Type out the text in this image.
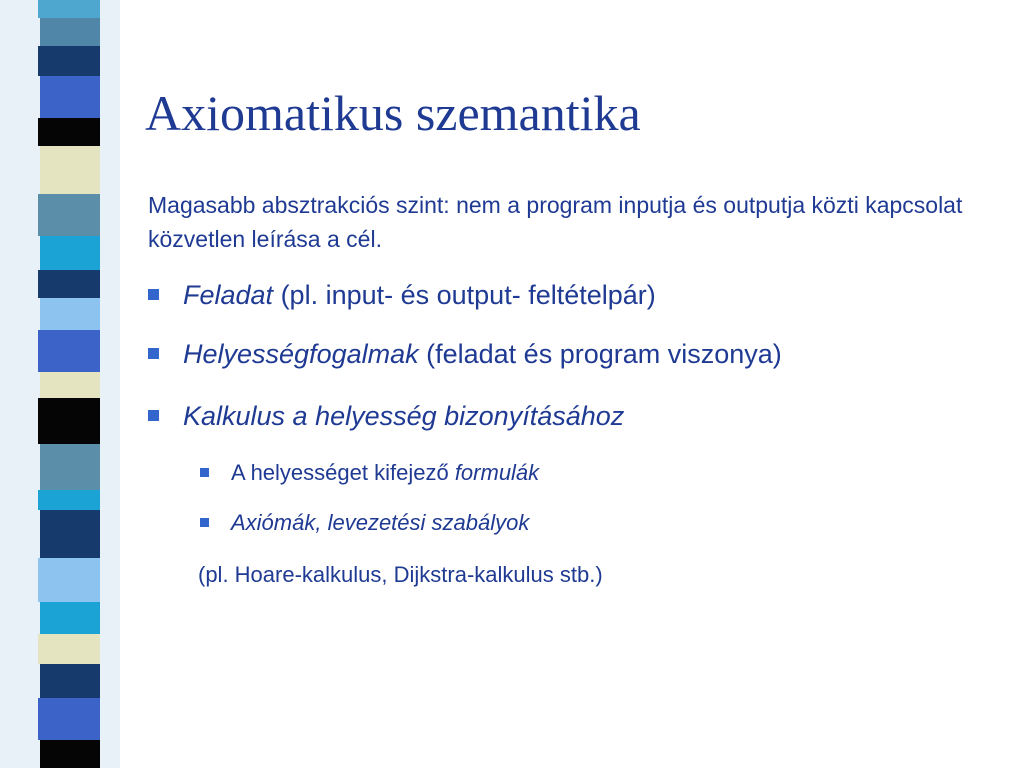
Axiomatikus szemantika
Magasabb absztrakciós szint: nem a program inputja és outputja közti kapcsolat közvetlen leírása a cél.
Feladat (pl. input- és output- feltételpár)
Helyességfogalmak (feladat és program viszonya)
Kalkulus a helyesség bizonyításához
A helyességet kifejező formulák
Axiómák, levezetési szabályok
(pl. Hoare-kalkulus, Dijkstra-kalkulus stb.)
